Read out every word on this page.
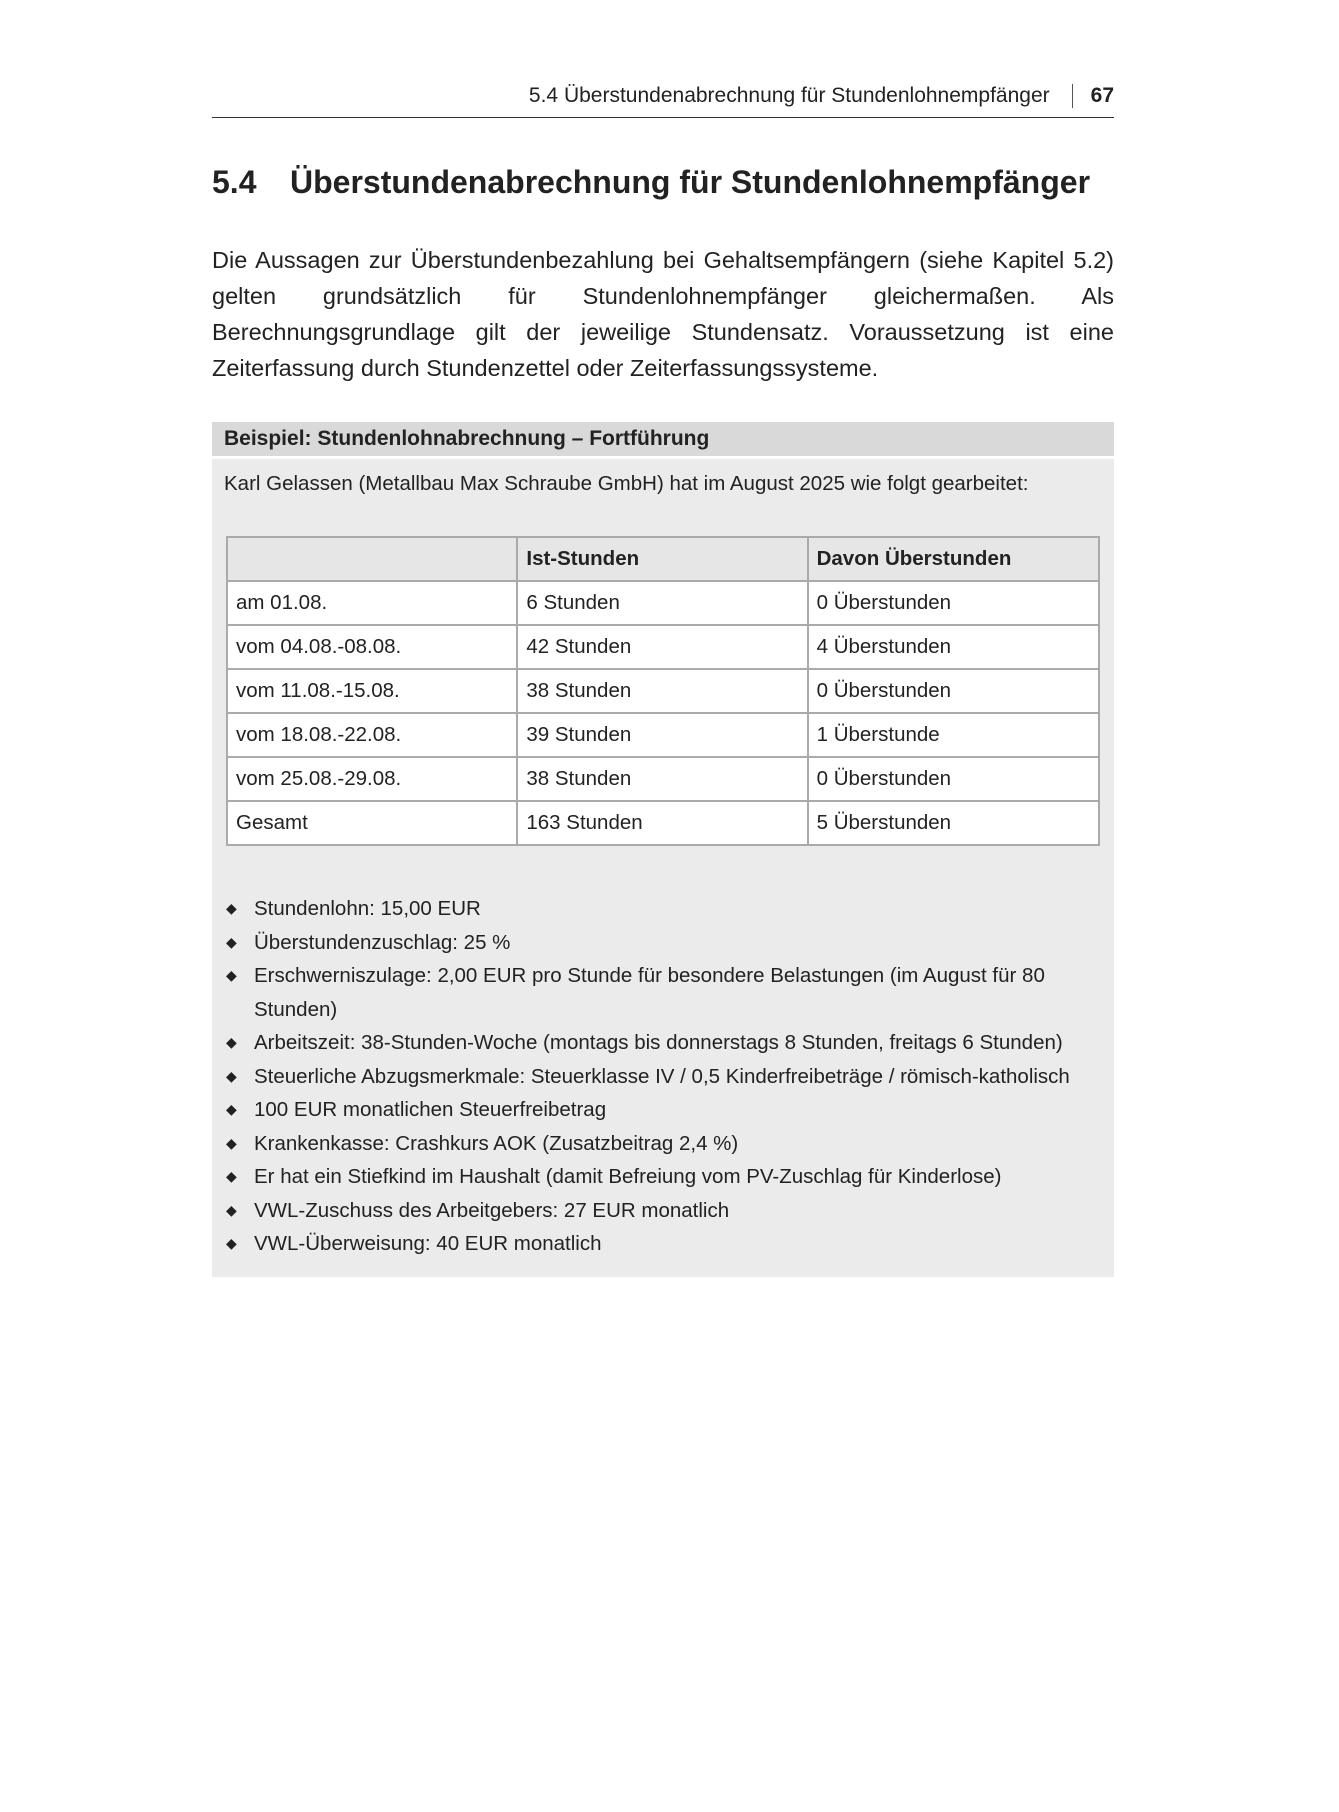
5.4 Überstundenabrechnung für Stundenlohnempfänger 67
5.4	Überstundenabrechnung für Stundenlohnempfänger
Die Aussagen zur Überstundenbezahlung bei Gehaltsempfängern (siehe Kapitel 5.2) gelten grundsätzlich für Stundenlohnempfänger gleichermaßen. Als Berechnungsgrundlage gilt der jeweilige Stundensatz. Voraussetzung ist eine Zeiterfassung durch Stundenzettel oder Zeiterfassungssysteme.
Beispiel: Stundenlohnabrechnung – Fortführung
Karl Gelassen (Metallbau Max Schraube GmbH) hat im August 2025 wie folgt gearbeitet:
	Ist-Stunden	Davon Überstunden
am 01.08.	6 Stunden	0 Überstunden
vom 04.08.-08.08.	42 Stunden	4 Überstunden
vom 11.08.-15.08.	38 Stunden	0 Überstunden
vom 18.08.-22.08.	39 Stunden	1 Überstunde
vom 25.08.-29.08.	38 Stunden	0 Überstunden
Gesamt	163 Stunden	5 Überstunden
◆ Stundenlohn: 15,00 EUR
◆ Überstundenzuschlag: 25 %
◆ Erschwerniszulage: 2,00 EUR pro Stunde für besondere Belastungen (im August für 80 Stunden)
◆ Arbeitszeit: 38-Stunden-Woche (montags bis donnerstags 8 Stunden, freitags 6 Stunden)
◆ Steuerliche Abzugsmerkmale: Steuerklasse IV / 0,5 Kinderfreibeträge / römisch-katholisch
◆ 100 EUR monatlichen Steuerfreibetrag
◆ Krankenkasse: Crashkurs AOK (Zusatzbeitrag 2,4 %)
◆ Er hat ein Stiefkind im Haushalt (damit Befreiung vom PV-Zuschlag für Kinderlose)
◆ VWL-Zuschuss des Arbeitgebers: 27 EUR monatlich
◆ VWL-Überweisung: 40 EUR monatlich
